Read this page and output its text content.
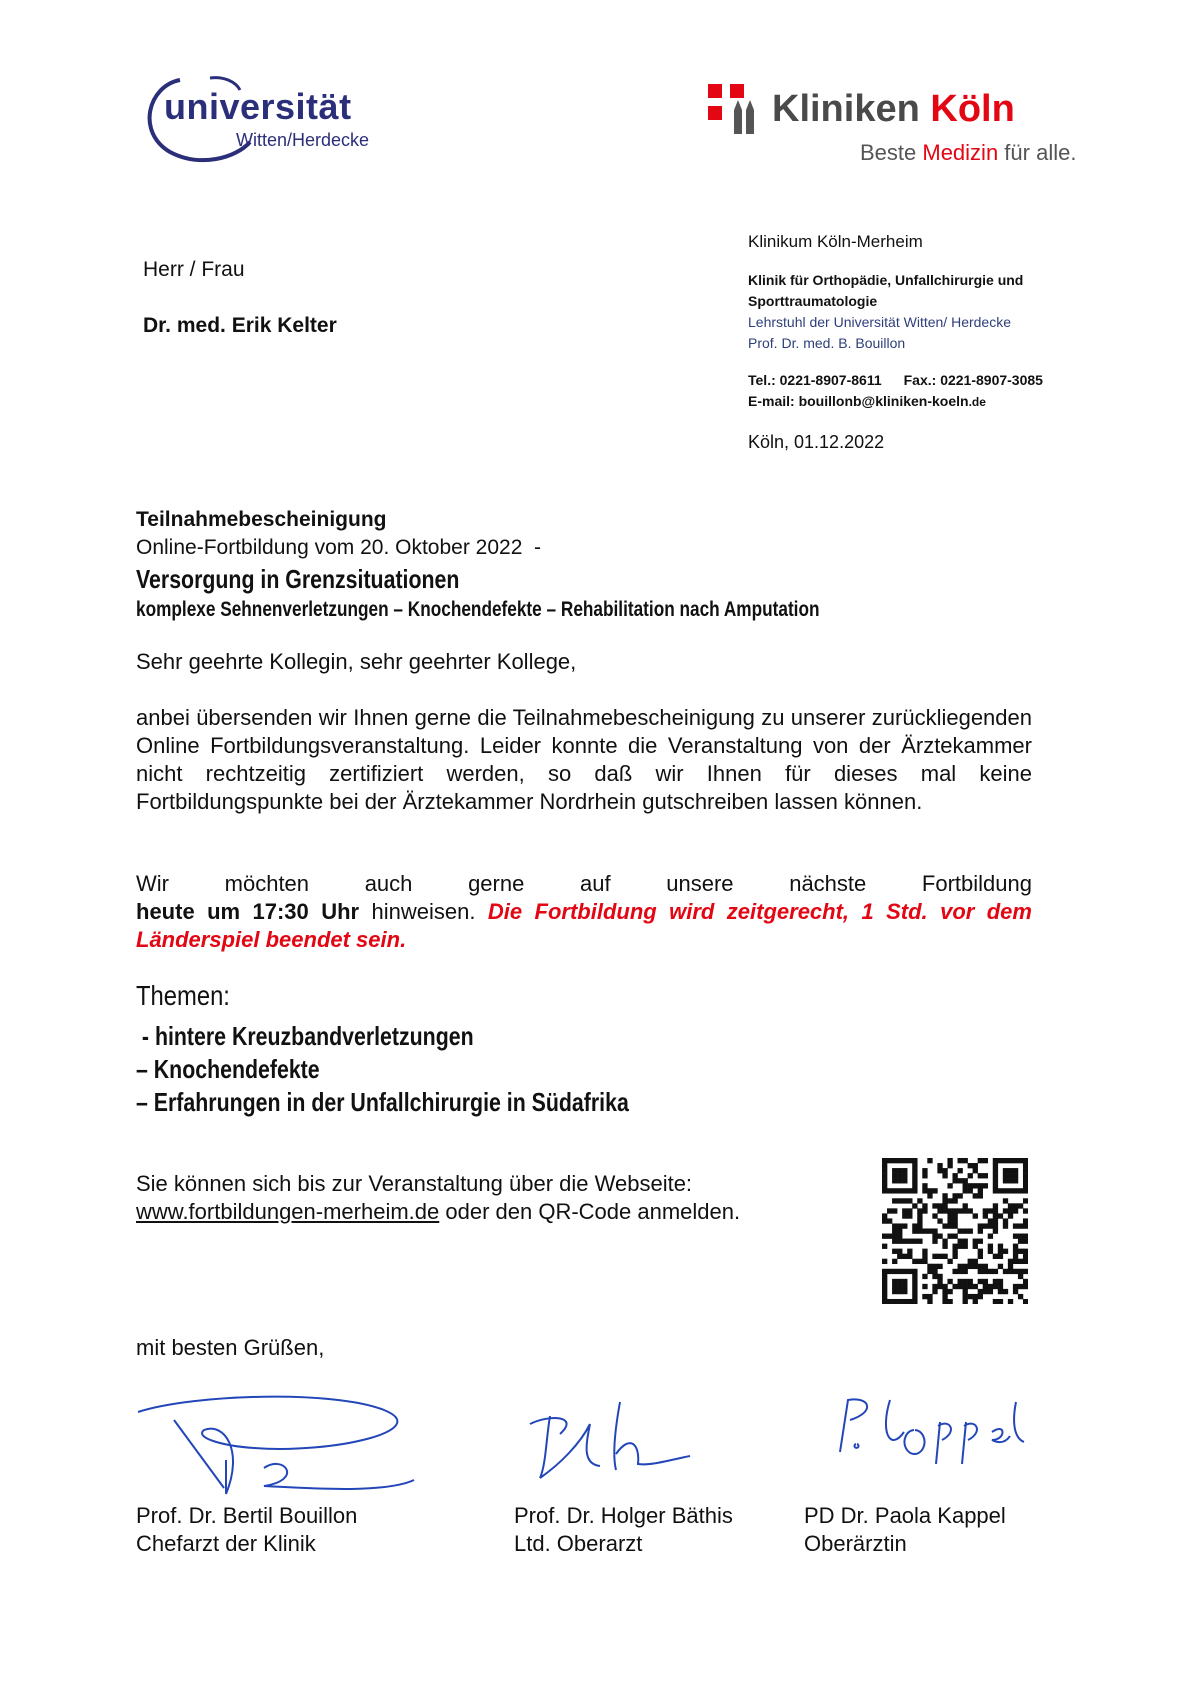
universität
Witten/Herdecke
Kliniken Köln
Beste Medizin für alle.
Herr / Frau
Dr. med. Erik Kelter
Klinikum Köln-Merheim
Klinik für Orthopädie, Unfallchirurgie und
Sporttraumatologie
Lehrstuhl der Universität Witten/ Herdecke
Prof. Dr. med. B. Bouillon
Tel.: 0221-8907-8611 Fax.: 0221-8907-3085
E-mail: bouillonb@kliniken-koeln.de
Köln, 01.12.2022
Teilnahmebescheinigung
Online-Fortbildung vom 20. Oktober 2022  -
Versorgung in Grenzsituationen
komplexe Sehnenverletzungen – Knochendefekte – Rehabilitation nach Amputation
Sehr geehrte Kollegin, sehr geehrter Kollege,
anbei übersenden wir Ihnen gerne die Teilnahmebescheinigung zu unserer zurückliegenden Online Fortbildungsveranstaltung. Leider konnte die Veranstaltung von der Ärztekammer nicht rechtzeitig zertifiziert werden, so daß wir Ihnen für dieses mal keine Fortbildungspunkte bei der Ärztekammer Nordrhein gutschreiben lassen können.
Wir möchten auch gerne auf unsere nächste Fortbildung
heute um 17:30 Uhr hinweisen. Die Fortbildung wird zeitgerecht, 1 Std. vor dem Länderspiel beendet sein.
Themen:
- hintere Kreuzbandverletzungen
– Knochendefekte
– Erfahrungen in der Unfallchirurgie in Südafrika
Sie können sich bis zur Veranstaltung über die Webseite:
www.fortbildungen-merheim.de oder den QR-Code anmelden.
mit besten Grüßen,
Prof. Dr. Bertil Bouillon
Chefarzt der Klinik
Prof. Dr. Holger Bäthis
Ltd. Oberarzt
PD Dr. Paola Kappel
Oberärztin
